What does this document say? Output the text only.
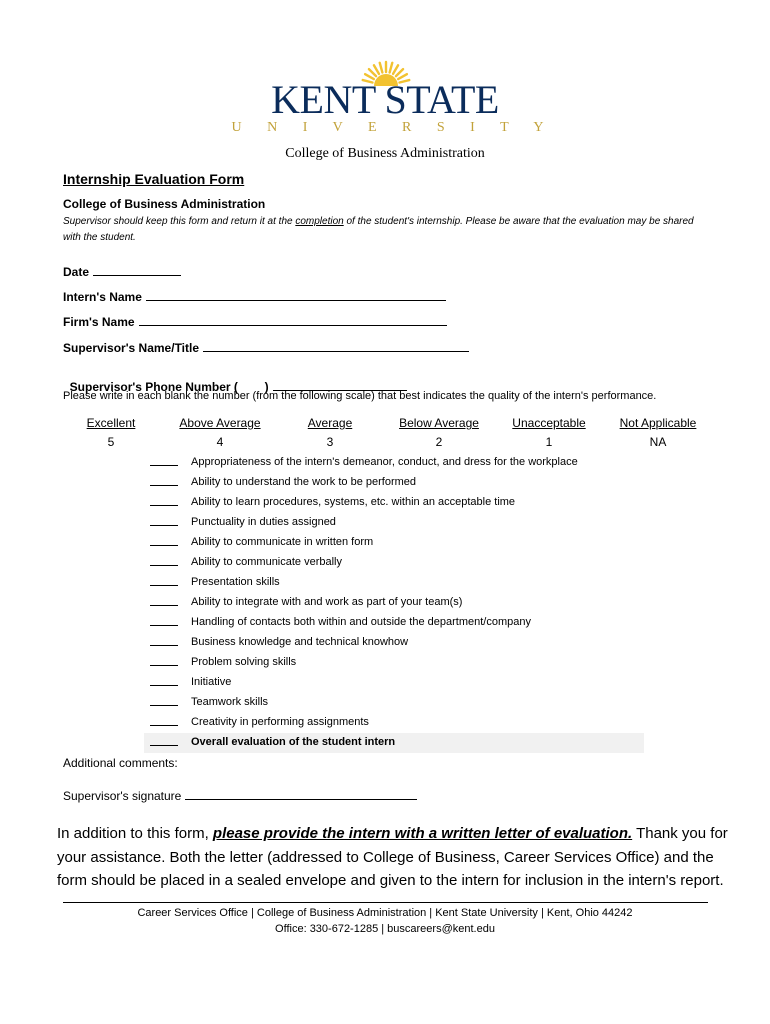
KENT STATE
U N I V E R S I T Y
College of Business Administration
Internship Evaluation Form
College of Business Administration
Supervisor should keep this form and return it at the completion of the student's internship. Please be aware that the evaluation may be shared with the student.
Date
Intern's Name
Firm's Name
Supervisor's Name/Title

Supervisor's Phone Number (        )

Please write in each blank the number (from the following scale) that best indicates the quality of the intern's performance.
Excellent	Above Average	Average	Below Average	Unacceptable	Not Applicable
5	4	3	2	1	NA
Appropriateness of the intern's demeanor, conduct, and dress for the workplace
Ability to understand the work to be performed
Ability to learn procedures, systems, etc. within an acceptable time
Punctuality in duties assigned
Ability to communicate in written form
Ability to communicate verbally
Presentation skills
Ability to integrate with and work as part of your team(s)
Handling of contacts both within and outside the department/company
Business knowledge and technical knowhow
Problem solving skills
Initiative
Teamwork skills
Creativity in performing assignments
Overall evaluation of the student intern
Additional comments:
Supervisor's signature
In addition to this form, please provide the intern with a written letter of evaluation. Thank you for your assistance. Both the letter (addressed to College of Business, Career Services Office) and the form should be placed in a sealed envelope and given to the intern for inclusion in the intern's report.
Career Services Office | College of Business Administration | Kent State University | Kent, Ohio 44242
Office: 330-672-1285 | buscareers@kent.edu
